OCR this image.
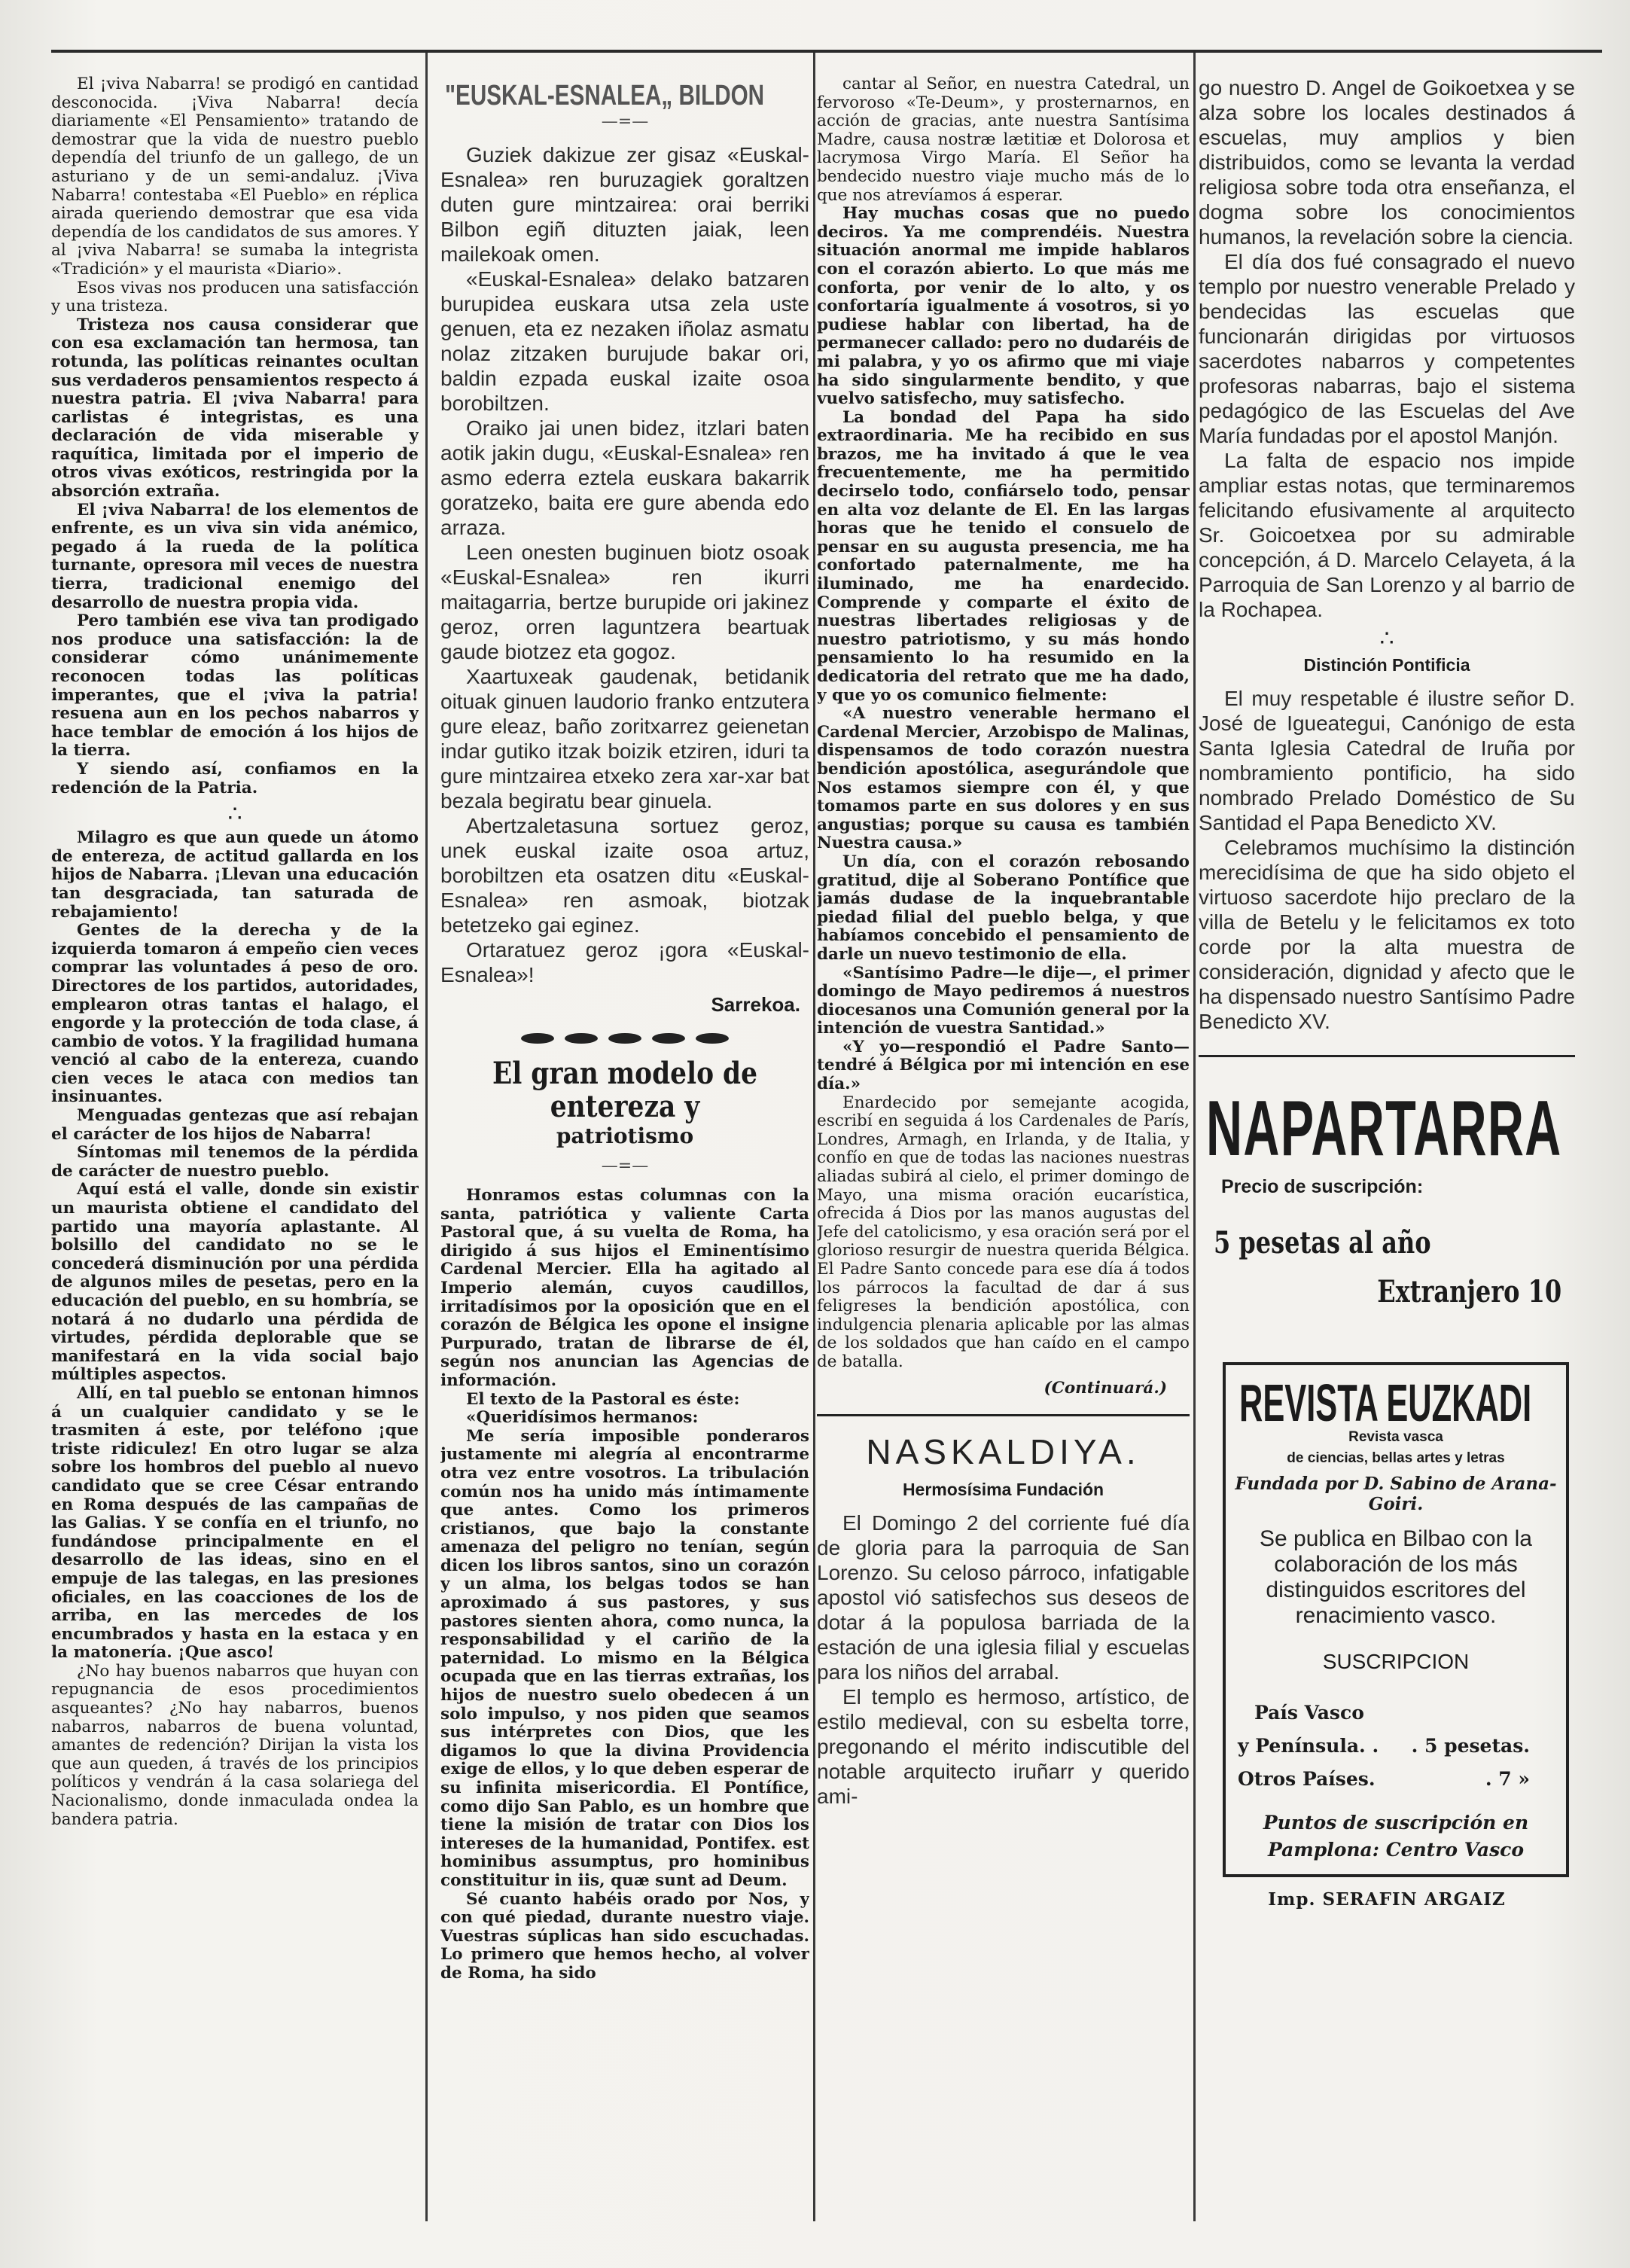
El ¡viva Nabarra! se prodigó en cantidad desconocida. ¡Viva Nabarra! decía diariamente «El Pensamiento» tratando de demostrar que la vida de nuestro pueblo dependía del triunfo de un gallego, de un asturiano y de un semi-andaluz. ¡Viva Nabarra! contestaba «El Pueblo» en réplica airada queriendo demostrar que esa vida dependía de los candidatos de sus amores. Y al ¡viva Nabarra! se sumaba la integrista «Tradición» y el maurista «Diario».

Esos vivas nos producen una satisfacción y una tristeza.

Tristeza nos causa considerar que con esa exclamación tan hermosa, tan rotunda, las políticas reinantes ocultan sus verdaderos pensamientos respecto á nuestra patria. El ¡viva Nabarra! para carlistas é integristas, es una declaración de vida miserable y raquítica, limitada por el imperio de otros vivas exóticos, restringida por la absorción extraña.

El ¡viva Nabarra! de los elementos de enfrente, es un viva sin vida anémico, pegado á la rueda de la política turnante, opresora mil veces de nuestra tierra, tradicional enemigo del desarrollo de nuestra propia vida.

Pero también ese viva tan prodigado nos produce una satisfacción: la de considerar cómo unánimemente reconocen todas las políticas imperantes, que el ¡viva la patria! resuena aun en los pechos nabarros y hace temblar de emoción á los hijos de la tierra.

Y siendo así, confiamos en la redención de la Patria.

∴

Milagro es que aun quede un átomo de entereza, de actitud gallarda en los hijos de Nabarra. ¡Llevan una educación tan desgraciada, tan saturada de rebajamiento!

Gentes de la derecha y de la izquierda tomaron á empeño cien veces comprar las voluntades á peso de oro. Directores de los partidos, autoridades, emplearon otras tantas el halago, el engorde y la protección de toda clase, á cambio de votos. Y la fragilidad humana venció al cabo de la entereza, cuando cien veces le ataca con medios tan insinuantes.

Menguadas gentezas que así rebajan el carácter de los hijos de Nabarra!

Síntomas mil tenemos de la pérdida de carácter de nuestro pueblo.

Aquí está el valle, donde sin existir un maurista obtiene el candidato del partido una mayoría aplastante. Al bolsillo del candidato no se le concederá disminución por una pérdida de algunos miles de pesetas, pero en la educación del pueblo, en su hombría, se notará á no dudarlo una pérdida de virtudes, pérdida deplorable que se manifestará en la vida social bajo múltiples aspectos.

Allí, en tal pueblo se entonan himnos á un cualquier candidato y se le trasmiten á este, por teléfono ¡que triste ridiculez! En otro lugar se alza sobre los hombros del pueblo al nuevo candidato que se cree César entrando en Roma después de las campañas de las Galias. Y se confía en el triunfo, no fundándose principalmente en el desarrollo de las ideas, sino en el empuje de las talegas, en las presiones oficiales, en las coacciones de los de arriba, en las mercedes de los encumbrados y hasta en la estaca y en la matonería. ¡Que asco!

¿No hay buenos nabarros que huyan con repugnancia de esos procedimientos asqueantes? ¿No hay nabarros, buenos nabarros, nabarros de buena voluntad, amantes de redención? Dirijan la vista los que aun queden, á través de los principios políticos y vendrán á la casa solariega del Nacionalismo, donde inmaculada ondea la bandera patria.

"EUSKAL-ESNALEA„ BILDON
—=—

Guziek dakizue zer gisaz «Euskal-Esnalea» ren buruzagiek goraltzen duten gure mintzairea: orai berriki Bilbon egiñ dituzten jaiak, leen mailekoak omen.

«Euskal-Esnalea» delako batzaren burupidea euskara utsa zela uste genuen, eta ez nezaken iñolaz asmatu nolaz zitzaken burujude bakar ori, baldin ezpada euskal izaite osoa borobiltzen.

Oraiko jai unen bidez, itzlari baten aotik jakin dugu, «Euskal-Esnalea» ren asmo ederra eztela euskara bakarrik goratzeko, baita ere gure abenda edo arraza.

Leen onesten buginuen biotz osoak «Euskal-Esnalea» ren ikurri maitagarria, bertze burupide ori jakinez geroz, orren laguntzera beartuak gaude biotzez eta gogoz.

Xaartuxeak gaudenak, betidanik oituak ginuen laudorio franko entzutera gure eleaz, baño zoritxarrez geienetan indar gutiko itzak boizik etziren, iduri ta gure mintzairea etxeko zera xar-xar bat bezala begiratu bear ginuela.

Abertzaletasuna sortuez geroz, unek euskal izaite osoa artuz, borobiltzen eta osatzen ditu «Euskal-Esnalea» ren asmoak, biotzak betetzeko gai eginez.

Ortaratuez geroz ¡gora «Euskal-Esnalea»!

Sarrekoa.
El gran modelo de entereza y
patriotismo
—=—

Honramos estas columnas con la santa, patriótica y valiente Carta Pastoral que, á su vuelta de Roma, ha dirigido á sus hijos el Eminentísimo Cardenal Mercier. Ella ha agitado al Imperio alemán, cuyos caudillos, irritadísimos por la oposición que en el corazón de Bélgica les opone el insigne Purpurado, tratan de librarse de él, según nos anuncian las Agencias de información.

El texto de la Pastoral es éste:

«Queridísimos hermanos:

Me sería imposible ponderaros justamente mi alegría al encontrarme otra vez entre vosotros. La tribulación común nos ha unido más íntimamente que antes. Como los primeros cristianos, que bajo la constante amenaza del peligro no tenían, según dicen los libros santos, sino un corazón y un alma, los belgas todos se han aproximado á sus pastores, y sus pastores sienten ahora, como nunca, la responsabilidad y el cariño de la paternidad. Lo mismo en la Bélgica ocupada que en las tierras extrañas, los hijos de nuestro suelo obedecen á un solo impulso, y nos piden que seamos sus intérpretes con Dios, que les digamos lo que la divina Providencia exige de ellos, y lo que deben esperar de su infinita misericordia. El Pontífice, como dijo San Pablo, es un hombre que tiene la misión de tratar con Dios los intereses de la humanidad, Pontifex. est hominibus assumptus, pro hominibus constituitur in iis, quæ sunt ad Deum.

Sé cuanto habéis orado por Nos, y con qué piedad, durante nuestro viaje. Vuestras súplicas han sido escuchadas. Lo primero que hemos hecho, al volver de Roma, ha sido

cantar al Señor, en nuestra Catedral, un fervoroso «Te-Deum», y prosternarnos, en acción de gracias, ante nuestra Santísima Madre, causa nostræ lætitiæ et Dolorosa et lacrymosa Virgo María. El Señor ha bendecido nuestro viaje mucho más de lo que nos atrevíamos á esperar.

Hay muchas cosas que no puedo deciros. Ya me comprendéis. Nuestra situación anormal me impide hablaros con el corazón abierto. Lo que más me conforta, por venir de lo alto, y os confortaría igualmente á vosotros, si yo pudiese hablar con libertad, ha de permanecer callado: pero no dudaréis de mi palabra, y yo os afirmo que mi viaje ha sido singularmente bendito, y que vuelvo satisfecho, muy satisfecho.

La bondad del Papa ha sido extraordinaria. Me ha recibido en sus brazos, me ha invitado á que le vea frecuentemente, me ha permitido decirselo todo, confiárselo todo, pensar en alta voz delante de El. En las largas horas que he tenido el consuelo de pensar en su augusta presencia, me ha confortado paternalmente, me ha iluminado, me ha enardecido. Comprende y comparte el éxito de nuestras libertades religiosas y de nuestro patriotismo, y su más hondo pensamiento lo ha resumido en la dedicatoria del retrato que me ha dado, y que yo os comunico fielmente:

«A nuestro venerable hermano el Cardenal Mercier, Arzobispo de Malinas, dispensamos de todo corazón nuestra bendición apostólica, asegurándole que Nos estamos siempre con él, y que tomamos parte en sus dolores y en sus angustias; porque su causa es también Nuestra causa.»

Un día, con el corazón rebosando gratitud, dije al Soberano Pontífice que jamás dudase de la inquebrantable piedad filial del pueblo belga, y que habíamos concebido el pensamiento de darle un nuevo testimonio de ella.

«Santísimo Padre—le dije—, el primer domingo de Mayo pediremos á nuestros diocesanos una Comunión general por la intención de vuestra Santidad.»

«Y yo—respondió el Padre Santo—tendré á Bélgica por mi intención en ese día.»

Enardecido por semejante acogida, escribí en seguida á los Cardenales de París, Londres, Armagh, en Irlanda, y de Italia, y confío en que de todas las naciones nuestras aliadas subirá al cielo, el primer domingo de Mayo, una misma oración eucarística, ofrecida á Dios por las manos augustas del Jefe del catolicismo, y esa oración será por el glorioso resurgir de nuestra querida Bélgica. El Padre Santo concede para ese día á todos los párrocos la facultad de dar á sus feligreses la bendición apostólica, con indulgencia plenaria aplicable por las almas de los soldados que han caído en el campo de batalla.

(Continuará.)
NASKALDIYA.
Hermosísima Fundación

El Domingo 2 del corriente fué día de gloria para la parroquia de San Lorenzo. Su celoso párroco, infatigable apostol vió satisfechos sus deseos de dotar á la populosa barriada de la estación de una iglesia filial y escuelas para los niños del arrabal.

El templo es hermoso, artístico, de estilo medieval, con su esbelta torre, pregonando el mérito indiscutible del notable arquitecto iruñarr y querido ami-

go nuestro D. Angel de Goikoetxea y se alza sobre los locales destinados á escuelas, muy amplios y bien distribuidos, como se levanta la verdad religiosa sobre toda otra enseñanza, el dogma sobre los conocimientos humanos, la revelación sobre la ciencia.

El día dos fué consagrado el nuevo templo por nuestro venerable Prelado y bendecidas las escuelas que funcionarán dirigidas por virtuosos sacerdotes nabarros y competentes profesoras nabarras, bajo el sistema pedagógico de las Escuelas del Ave María fundadas por el apostol Manjón.

La falta de espacio nos impide ampliar estas notas, que terminaremos felicitando efusivamente al arquitecto Sr. Goicoetxea por su admirable concepción, á D. Marcelo Celayeta, á la Parroquia de San Lorenzo y al barrio de la Rochapea.

∴
Distinción Pontificia

El muy respetable é ilustre señor D. José de Igueategui, Canónigo de esta Santa Iglesia Catedral de Iruña por nombramiento pontificio, ha sido nombrado Prelado Doméstico de Su Santidad el Papa Benedicto XV.

Celebramos muchísimo la distinción merecidísima de que ha sido objeto el virtuoso sacerdote hijo preclaro de la villa de Betelu y le felicitamos ex toto corde por la alta muestra de consideración, dignidad y afecto que le ha dispensado nuestro Santísimo Padre Benedicto XV.

NAPARTARRA
Precio de suscripción:
5 pesetas al año
Extranjero 10
REVISTA EUZKADI
Revista vasca
de ciencias, bellas artes y letras
Fundada por D. Sabino de Arana-Goiri.
Se publica en Bilbao con la colaboración de los más distinguidos escritores del renacimiento vasco.
SUSCRIPCION
País Vasco
y Península. . . 5 pesetas.
Otros Países.	. 7 »
Puntos de suscripción en
Pamplona: Centro Vasco
Imp. SERAFIN ARGAIZ
